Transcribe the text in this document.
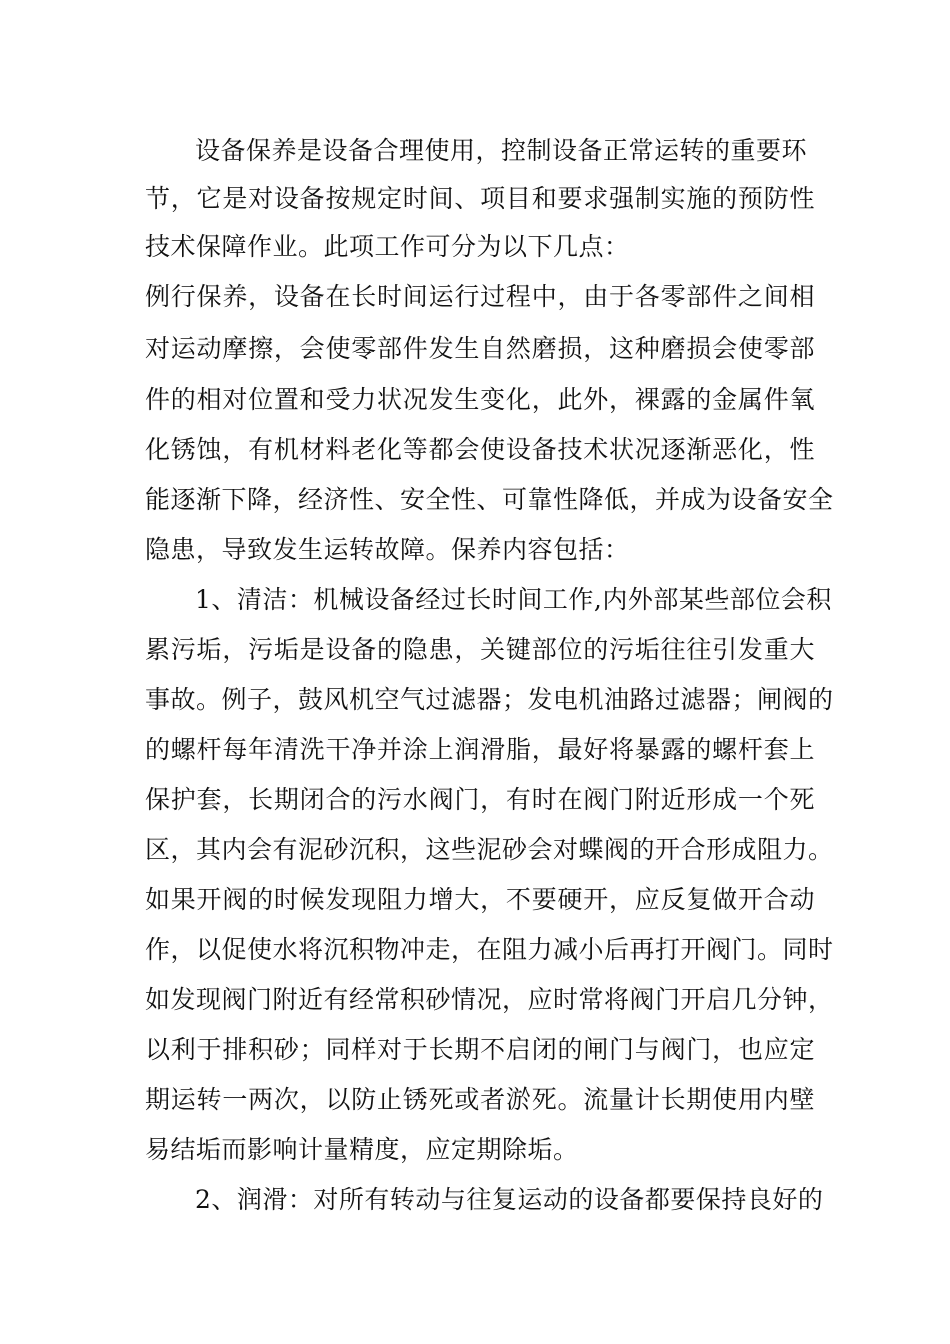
设备保养是设备合理使用，控制设备正常运转的重要环

节，它是对设备按规定时间、项目和要求强制实施的预防性

技术保障作业。此项工作可分为以下几点：

例行保养，设备在长时间运行过程中，由于各零部件之间相

对运动摩擦，会使零部件发生自然磨损，这种磨损会使零部

件的相对位置和受力状况发生变化，此外，裸露的金属件氧

化锈蚀，有机材料老化等都会使设备技术状况逐渐恶化，性

能逐渐下降，经济性、安全性、可靠性降低，并成为设备安全

隐患，导致发生运转故障。保养内容包括：

1、清洁：机械设备经过长时间工作,内外部某些部位会积

累污垢，污垢是设备的隐患，关键部位的污垢往往引发重大

事故。例子，鼓风机空气过滤器；发电机油路过滤器；闸阀的

的螺杆每年清洗干净并涂上润滑脂，最好将暴露的螺杆套上

保护套，长期闭合的污水阀门，有时在阀门附近形成一个死

区，其内会有泥砂沉积，这些泥砂会对蝶阀的开合形成阻力。

如果开阀的时候发现阻力增大，不要硬开，应反复做开合动

作，以促使水将沉积物冲走，在阻力减小后再打开阀门。同时

如发现阀门附近有经常积砂情况，应时常将阀门开启几分钟，

以利于排积砂；同样对于长期不启闭的闸门与阀门，也应定

期运转一两次，以防止锈死或者淤死。流量计长期使用内壁

易结垢而影响计量精度，应定期除垢。

2、润滑：对所有转动与往复运动的设备都要保持良好的
